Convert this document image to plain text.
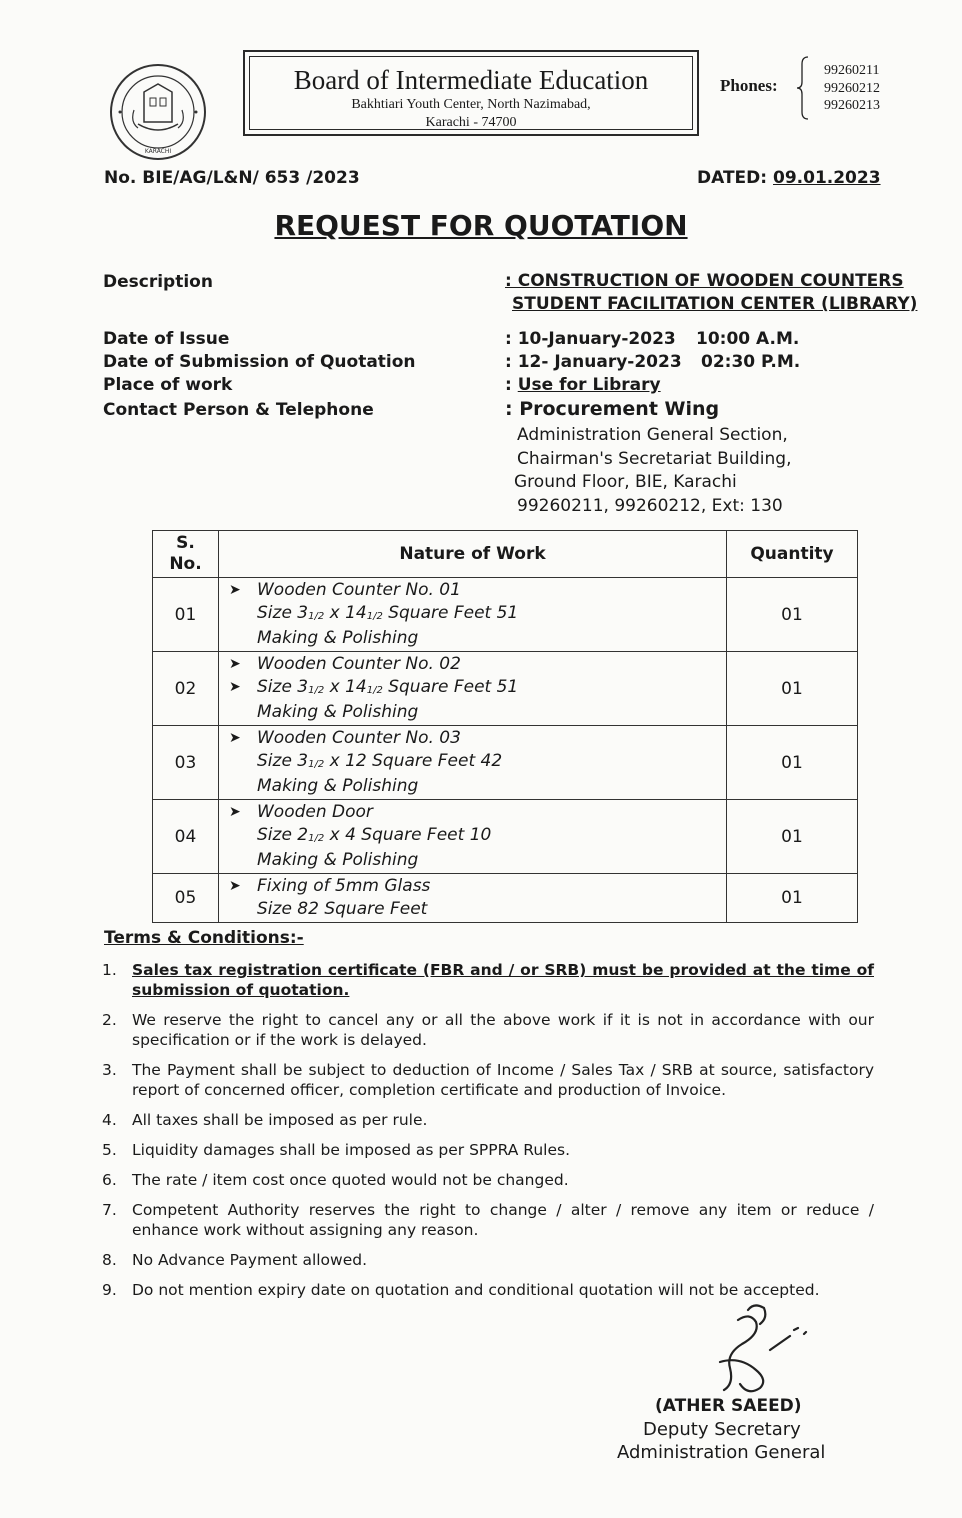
KARACHI
Board of Intermediate Education
Bakhtiari Youth Center, North Nazimabad,
Karachi - 74700
Phones:
99260211
99260212
99260213
No. BIE/AG/L&N/ 653 /2023	DATED: 09.01.2023
REQUEST FOR QUOTATION
Description	: CONSTRUCTION OF WOODEN COUNTERS
STUDENT FACILITATION CENTER (LIBRARY)
Date of Issue	: 10-January-2023 10:00 A.M.
Date of Submission of Quotation	: 12- January-2023 02:30 P.M.
Place of work	: Use for Library
Contact Person & Telephone	: Procurement Wing
Administration General Section,
Chairman's Secretariat Building,
Ground Floor, BIE, Karachi
99260211, 99260212, Ext: 130
S.
No.	Nature of Work	Quantity
01	➤ Wooden Counter No. 01
Size $3_{1/2}$ x $14_{1/2}$ Square Feet 51
Making & Polishing	01
02	➤ Wooden Counter No. 02
➤ Size $3_{1/2}$ x $14_{1/2}$ Square Feet 51
Making & Polishing	01
03	➤ Wooden Counter No. 03
Size $3_{1/2}$ x 12 Square Feet 42
Making & Polishing	01
04	➤ Wooden Door
Size $2_{1/2}$ x 4 Square Feet 10
Making & Polishing	01
05	➤ Fixing of 5mm Glass
Size 82 Square Feet	01
Terms & Conditions:-
1. Sales tax registration certificate (FBR and / or SRB) must be provided at the time of submission of quotation.
2. We reserve the right to cancel any or all the above work if it is not in accordance with our specification or if the work is delayed.
3. The Payment shall be subject to deduction of Income / Sales Tax / SRB at source, satisfactory report of concerned officer, completion certificate and production of Invoice.
4. All taxes shall be imposed as per rule.
5. Liquidity damages shall be imposed as per SPPRA Rules.
6. The rate / item cost once quoted would not be changed.
7. Competent Authority reserves the right to change / alter / remove any item or reduce / enhance work without assigning any reason.
8. No Advance Payment allowed.
9. Do not mention expiry date on quotation and conditional quotation will not be accepted.
(ATHER SAEED)
Deputy Secretary
Administration General
